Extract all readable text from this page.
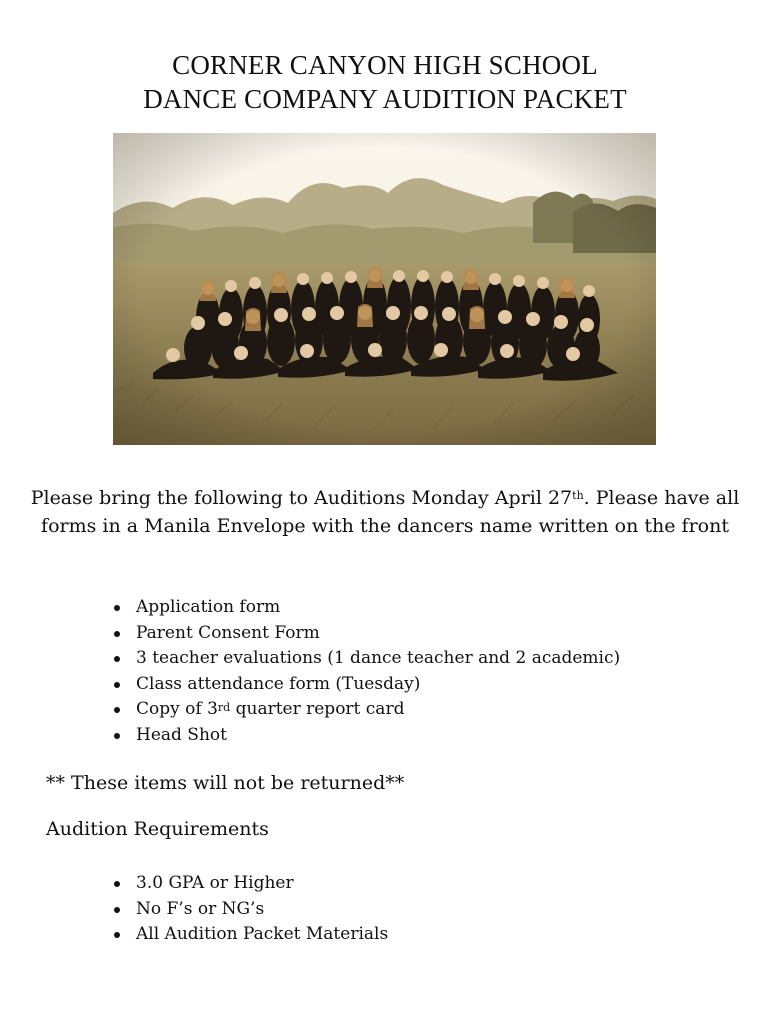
CORNER CANYON HIGH SCHOOL
DANCE COMPANY AUDITION PACKET
Please bring the following to Auditions Monday April 27th. Please have all forms in a Manila Envelope with the dancers name written on the front
Application form
Parent Consent Form
3 teacher evaluations (1 dance teacher and 2 academic)
Class attendance form (Tuesday)
Copy of 3rd quarter report card
Head Shot
** These items will not be returned**
Audition Requirements
3.0 GPA or Higher
No F’s or NG’s
All Audition Packet Materials
